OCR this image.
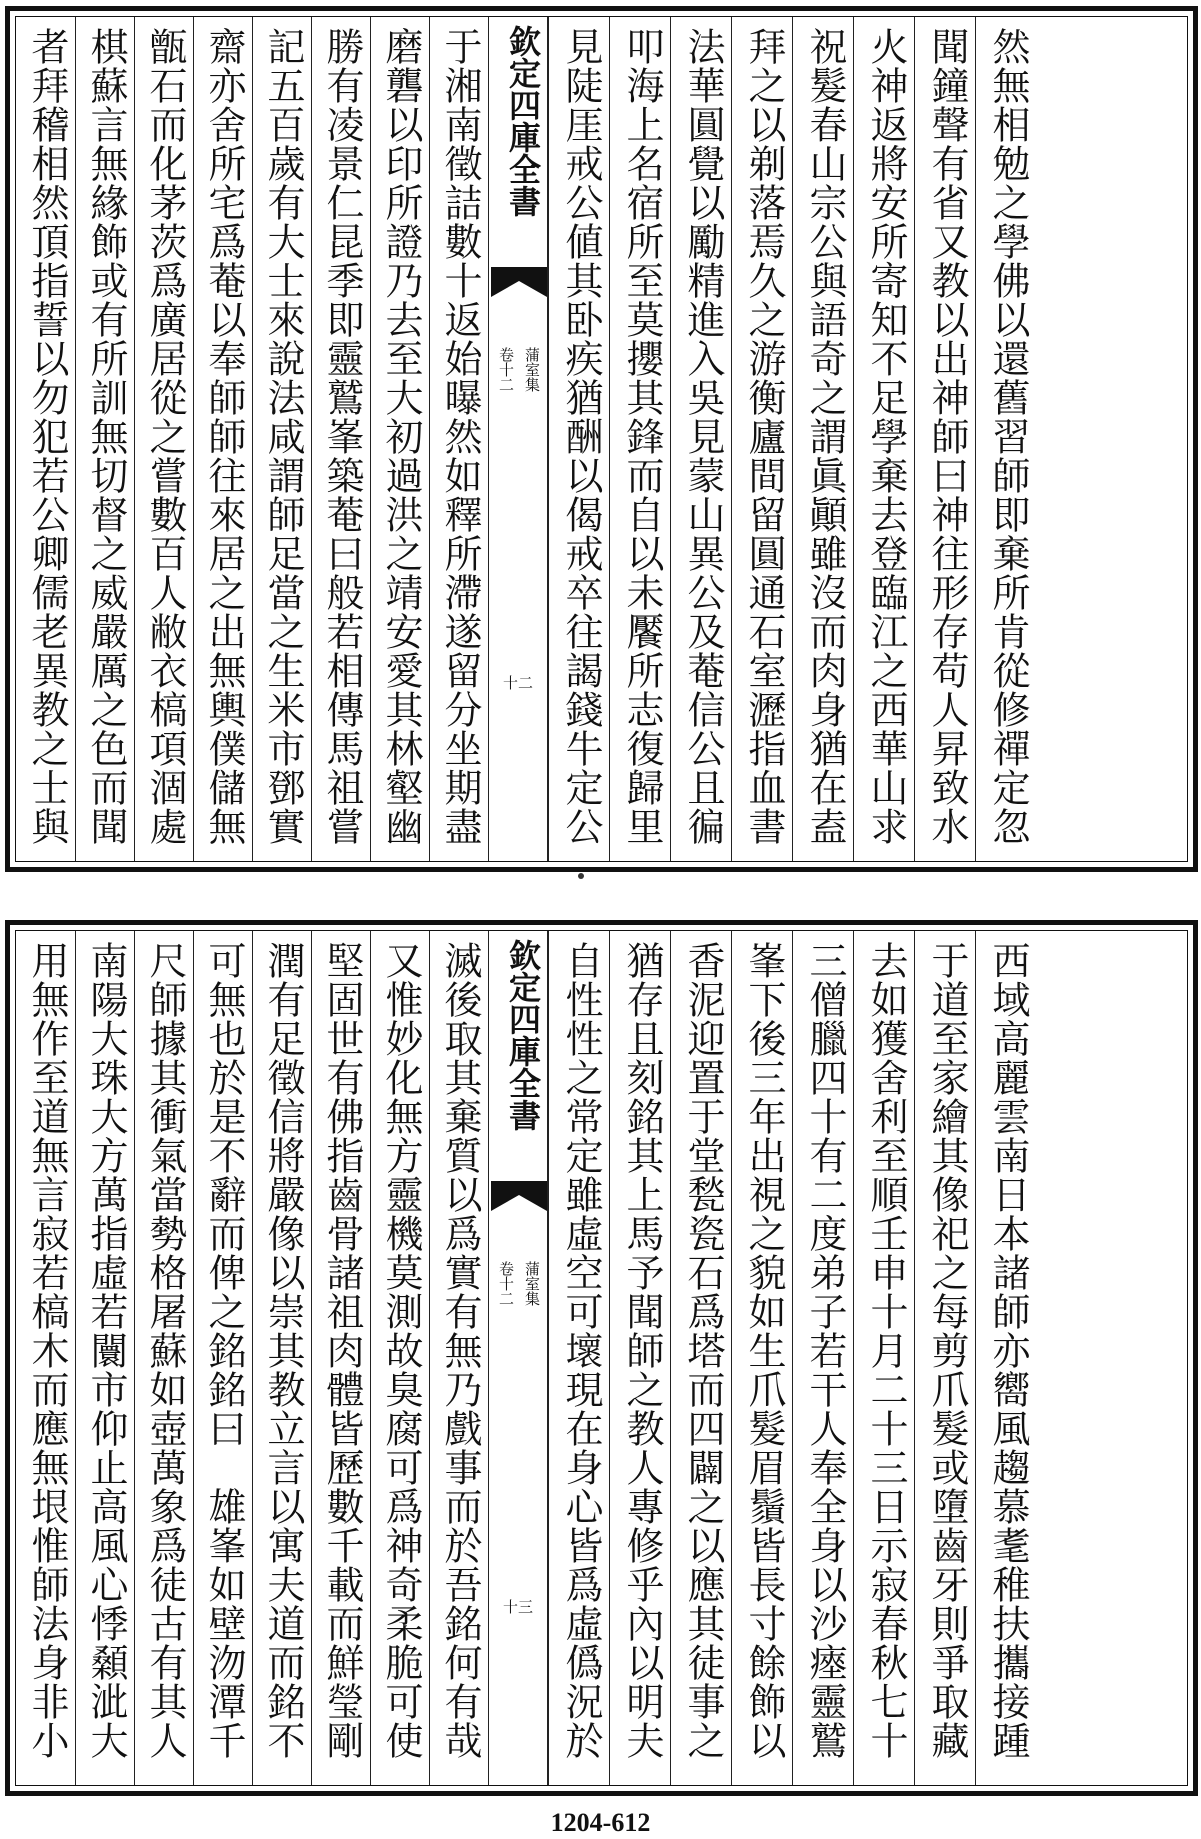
者拜稽相然頂指誓以勿犯若公卿儒老異教之士與 棋蘇言無緣飾或有所訓無切督之威嚴厲之色而聞 甑石而化茅茨爲廣居從之嘗數百人敝衣槁項涸處 齋亦舍所宅爲菴以奉師師往來居之出無輿僕儲無 記五百歲有大士來說法咸謂師足當之生米市鄧實 勝有凌景仁昆季即靈鷲峯築菴曰般若相傳馬祖嘗 磨礱以印所證乃去至大初過洪之靖安愛其林壑幽 于湘南徵詰數十返始曝然如釋所滯遂留分坐期盡 欽定四庫全書
蒲室集
卷十二
十二 見陡厓戒公値其卧疾猶酬以偈戒卒往謁錢牛定公 叩海上名宿所至莫攖其鋒而自以未饜所志復歸里 法華圓覺以勵精進入吳見蒙山異公及菴信公且徧 拜之以剃落焉久之游衡廬間留圓通石室瀝指血書 祝髮春山宗公與語奇之謂眞顚雖沒而肉身猶在盍 火神返將安所寄知不足學棄去登臨江之西華山求 聞鐘聲有省又教以出神師曰神往形存苟人昇致水 然無相勉之學佛以還舊習師即棄所肯從修禪定忽
用無作至道無言寂若槁木而應無垠惟師法身非小 南陽大珠大方萬指虛若闤市仰止高風心悸顙泚大 尺師據其衝氣當勢格屠蘇如壺萬象爲徒古有其人 可無也於是不辭而俾之銘銘曰　雄峯如壁沕潭千 潤有足徵信將嚴像以崇其教立言以寓夫道而銘不 堅固世有佛指齒骨諸祖肉體皆歷數千載而鮮瑩剛 又惟妙化無方靈機莫測故臭腐可爲神奇柔脆可使 滅後取其棄質以爲實有無乃戲事而於吾銘何有哉 欽定四庫全書
蒲室集
卷十二
十三 自性性之常定雖虛空可壞現在身心皆爲虛僞況於 猶存且刻銘其上馬予聞師之教人專修乎內以明夫 香泥迎置于堂甃瓷石爲塔而四闢之以應其徒事之 峯下後三年出視之貌如生爪髮眉鬚皆長寸餘飾以 三僧臘四十有二度弟子若干人奉全身以沙瘞靈鷲 去如獲舍利至順壬申十月二十三日示寂春秋七十 于道至家繪其像祀之每剪爪髮或墮齒牙則爭取藏 西域高麗雲南日本諸師亦嚮風趨慕耄稚扶攜接踵
1204-612
